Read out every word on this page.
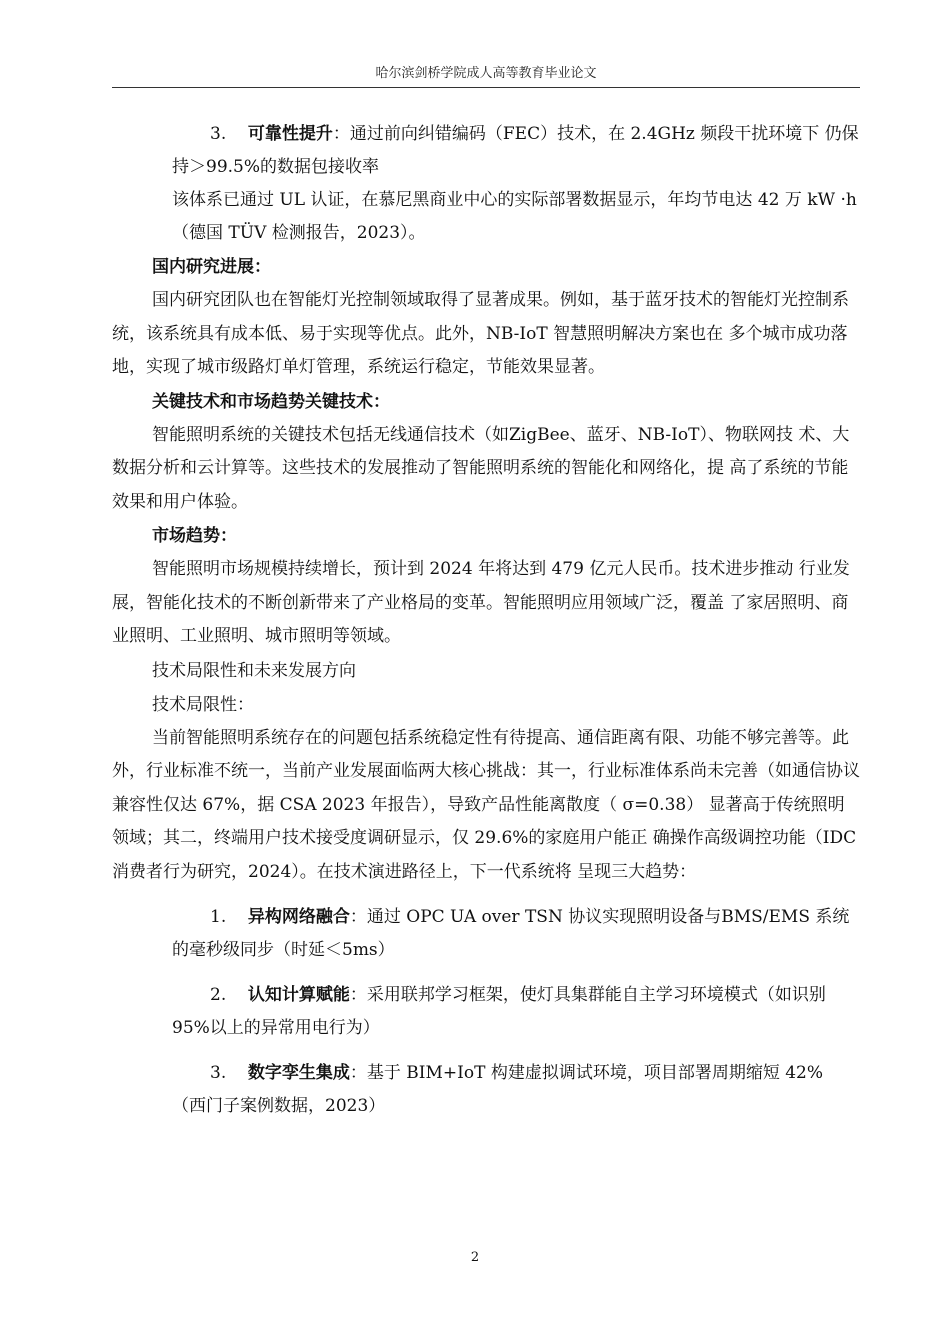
哈尔滨剑桥学院成人高等教育毕业论文

3. 可靠性提升：通过前向纠错编码（FEC）技术，在 2.4GHz 频段干扰环境下 仍保持＞99.5%的数据包接收率

该体系已通过 UL 认证，在慕尼黑商业中心的实际部署数据显示，年均节电达 42 万 kW ·h（德国 TÜV 检测报告，2023）。

国内研究进展：

国内研究团队也在智能灯光控制领域取得了显著成果。例如，基于蓝牙技术的智能灯光控制系统，该系统具有成本低、易于实现等优点。此外，NB-IoT 智慧照明解决方案也在 多个城市成功落地，实现了城市级路灯单灯管理，系统运行稳定，节能效果显著。

关键技术和市场趋势关键技术：

智能照明系统的关键技术包括无线通信技术（如ZigBee、蓝牙、NB-IoT）、物联网技 术、大数据分析和云计算等。这些技术的发展推动了智能照明系统的智能化和网络化，提 高了系统的节能效果和用户体验。

市场趋势：

智能照明市场规模持续增长，预计到 2024 年将达到 479 亿元人民币。技术进步推动 行业发展，智能化技术的不断创新带来了产业格局的变革。智能照明应用领域广泛，覆盖 了家居照明、商业照明、工业照明、城市照明等领域。

技术局限性和未来发展方向

技术局限性：

当前智能照明系统存在的问题包括系统稳定性有待提高、通信距离有限、功能不够完善等。此外，行业标准不统一，当前产业发展面临两大核心挑战：其一，行业标准体系尚未完善（如通信协议兼容性仅达 67%，据 CSA 2023 年报告），导致产品性能离散度（ σ=0.38） 显著高于传统照明领域；其二，终端用户技术接受度调研显示，仅 29.6%的家庭用户能正 确操作高级调控功能（IDC 消费者行为研究，2024）。在技术演进路径上，下一代系统将 呈现三大趋势：

1. 异构网络融合：通过 OPC UA over TSN 协议实现照明设备与BMS/EMS 系统 的毫秒级同步（时延＜5ms）

2. 认知计算赋能：采用联邦学习框架，使灯具集群能自主学习环境模式（如识别95%以上的异常用电行为）

3. 数字孪生集成：基于 BIM+IoT 构建虚拟调试环境，项目部署周期缩短 42% （西门子案例数据，2023）

2
